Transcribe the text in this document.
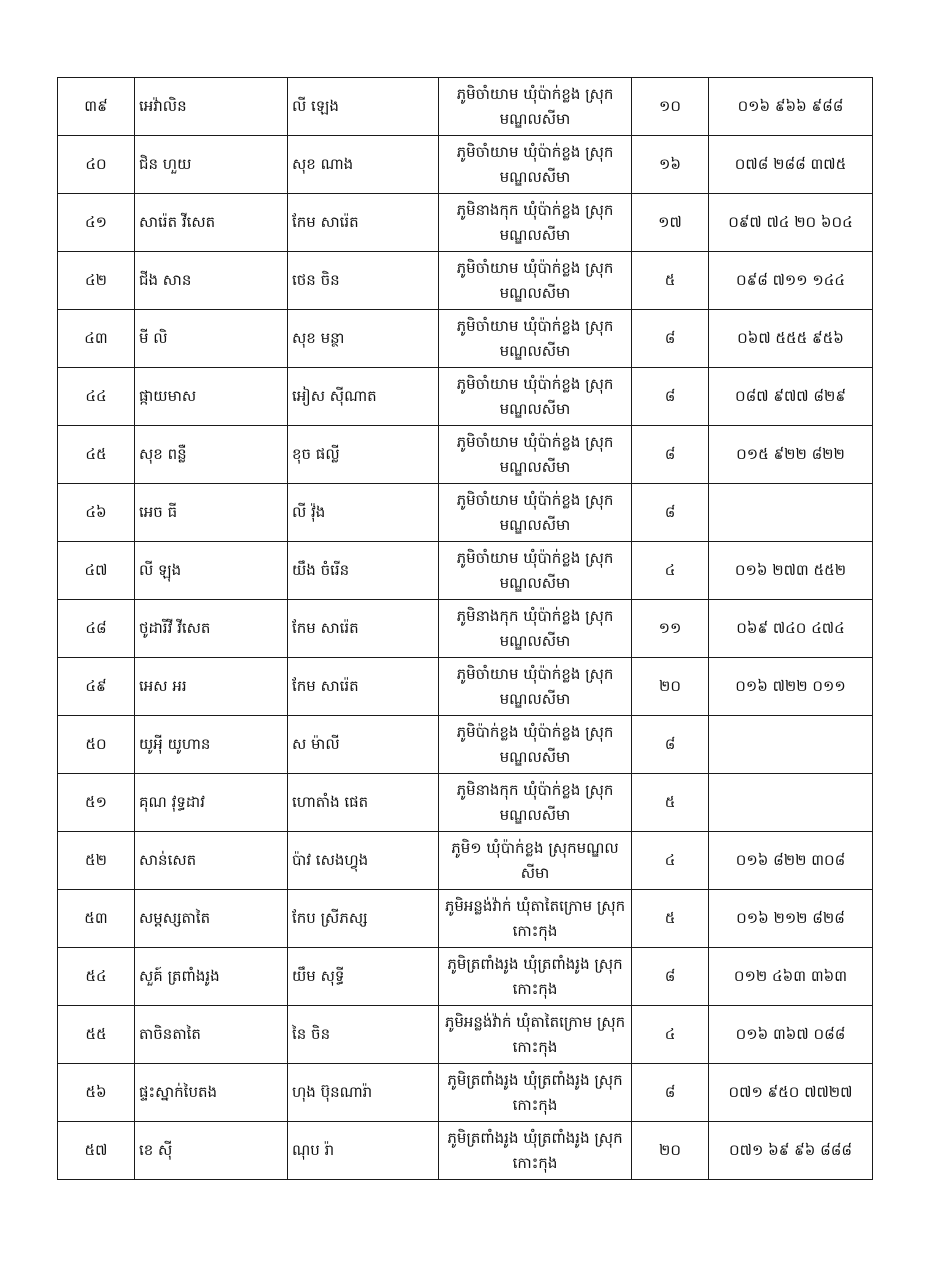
៣៩	អេវ៉ាលិន	លី ឡេង	ភូមិចាំយាម ឃុំប៉ាក់ខ្លង ស្រុកមណ្ឌលសីមា	១០	០១៦ ៩៦៦ ៩៨៨
៤០	ជិន ហួយ	សុខ ណាង	ភូមិចាំយាម ឃុំប៉ាក់ខ្លង ស្រុកមណ្ឌលសីមា	១៦	០៧៨ ២៨៨ ៣៧៥
៤១	សារ៉េត វីសេត	កែម សារ៉េត	ភូមិនាងកុក ឃុំប៉ាក់ខ្លង ស្រុកមណ្ឌលសីមា	១៧	០៩៧ ៧៤ ២០ ៦០៤
៤២	ជីង សាន	ថេន ចិន	ភូមិចាំយាម ឃុំប៉ាក់ខ្លង ស្រុកមណ្ឌលសីមា	៥	០៩៨ ៧១១ ១៤៤
៤៣	មី លិ	សុខ មន្ថា	ភូមិចាំយាម ឃុំប៉ាក់ខ្លង ស្រុកមណ្ឌលសីមា	៨	០៦៧ ៥៥៥ ៩៥៦
៤៤	ផ្កាយមាស	អៀស ស៊ីណាត	ភូមិចាំយាម ឃុំប៉ាក់ខ្លង ស្រុកមណ្ឌលសីមា	៨	០៨៧ ៩៧៧ ៨២៩
៤៥	សុខ ពន្លឺ	ខុច ផល្លី	ភូមិចាំយាម ឃុំប៉ាក់ខ្លង ស្រុកមណ្ឌលសីមា	៨	០១៥ ៩២២ ៨២២
៤៦	អេច ធី	លី វ៉ុង	ភូមិចាំយាម ឃុំប៉ាក់ខ្លង ស្រុកមណ្ឌលសីមា	៨	
៤៧	លី ឡុង	យឹង ចំរើន	ភូមិចាំយាម ឃុំប៉ាក់ខ្លង ស្រុកមណ្ឌលសីមា	៤	០១៦ ២៧៣ ៥៥២
៤៨	ថូដារីវី វីសេត	កែម សារ៉េត	ភូមិនាងកុក ឃុំប៉ាក់ខ្លង ស្រុកមណ្ឌលសីមា	១១	០៦៩ ៧៤០ ៤៧៤
៤៩	អេស អរ	កែម សារ៉េត	ភូមិចាំយាម ឃុំប៉ាក់ខ្លង ស្រុកមណ្ឌលសីមា	២០	០១៦ ៧២២ ០១១
៥០	យូអុី យូហាន	ស ម៉ាលី	ភូមិប៉ាក់ខ្លង ឃុំប៉ាក់ខ្លង ស្រុកមណ្ឌលសីមា	៨	
៥១	គុណ វុទ្ធដាវ	ហោតាំង ផេត	ភូមិនាងកុក ឃុំប៉ាក់ខ្លង ស្រុកមណ្ឌលសីមា	៥	
៥២	សាន់សេត	ប៉ាវ សេងហ្វុង	ភូមិ១ ឃុំប៉ាក់ខ្លង ស្រុកមណ្ឌលសីមា	៤	០១៦ ៨២២ ៣០៨
៥៣	សម្តស្សតាតៃ	កែប ស្រីភស្ស	ភូមិអន្លង់វ៉ាក់ ឃុំតាតៃក្រោម ស្រុកកោះកុង	៥	០១៦ ២១២ ៨២៨
៥៤	សួគ៍ ត្រពាំងរូង	យឹម សុទ្ធី	ភូមិត្រពាំងរូង ឃុំត្រពាំងរូង ស្រុកកោះកុង	៨	០១២ ៤៦៣ ៣៦៣
៥៥	តាចិនតាតៃ	នៃ ចិន	ភូមិអន្លង់វ៉ាក់ ឃុំតាតៃក្រោម ស្រុកកោះកុង	៤	០១៦ ៣៦៧ ០៨៨
៥៦	ផ្ទះស្នាក់បៃតង	ហុង ប៊ុនណារ៉ា	ភូមិត្រពាំងរូង ឃុំត្រពាំងរូង ស្រុកកោះកុង	៨	០៧១ ៩៥០ ៧៧២៧
៥៧	ខេ ស៊ី	ណុប រ៉ា	ភូមិត្រពាំងរូង ឃុំត្រពាំងរូង ស្រុកកោះកុង	២០	០៧១ ៦៩ ៩៦ ៨៨៨
